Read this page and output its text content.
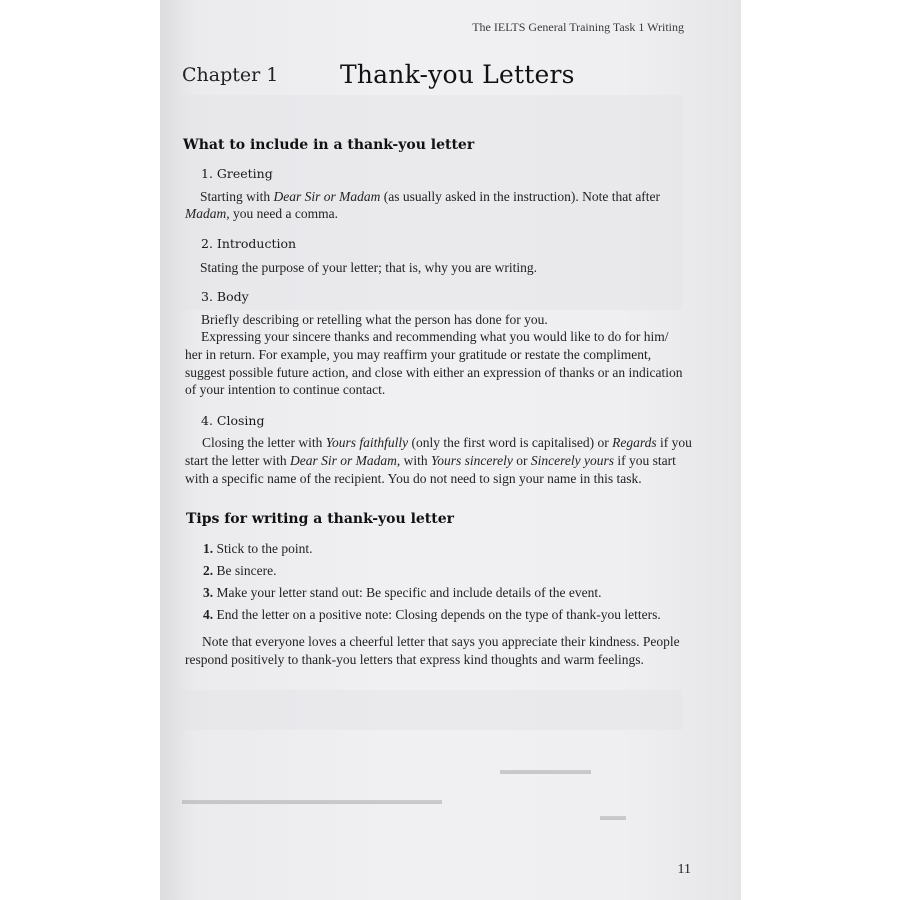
The IELTS General Training Task 1 Writing
Chapter 1 Thank-you Letters
What to include in a thank-you letter
1. Greeting
Starting with Dear Sir or Madam (as usually asked in the instruction). Note that after
Madam, you need a comma.
2. Introduction
Stating the purpose of your letter; that is, why you are writing.
3. Body
Briefly describing or retelling what the person has done for you.
Expressing your sincere thanks and recommending what you would like to do for him/
her in return. For example, you may reaffirm your gratitude or restate the compliment,
suggest possible future action, and close with either an expression of thanks or an indication
of your intention to continue contact.
4. Closing
Closing the letter with Yours faithfully (only the first word is capitalised) or Regards if you
start the letter with Dear Sir or Madam, with Yours sincerely or Sincerely yours if you start
with a specific name of the recipient. You do not need to sign your name in this task.
Tips for writing a thank-you letter
1. Stick to the point.
2. Be sincere.
3. Make your letter stand out: Be specific and include details of the event.
4. End the letter on a positive note: Closing depends on the type of thank-you letters.
Note that everyone loves a cheerful letter that says you appreciate their kindness. People
respond positively to thank-you letters that express kind thoughts and warm feelings.
▬▬▬▬▬▬▬
▬▬▬▬▬▬▬▬▬▬▬▬▬▬▬▬▬▬▬▬
▬▬
11
